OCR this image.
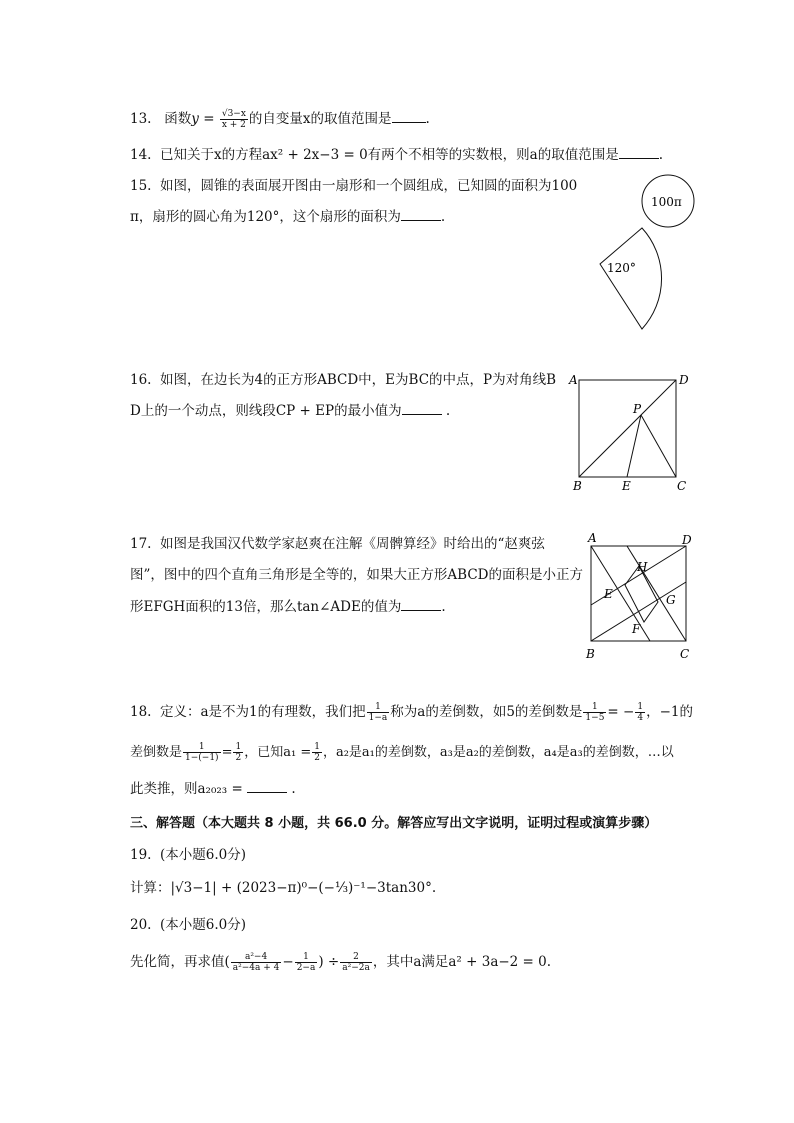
13. 函数$y = \frac{√3-x}{x + 2}$ 的自变量x的取值范围是	.
14. 已知关于x的方程ax² + 2x−3 = 0有两个不相等的实数根，则a的取值范围是	.
15. 如图，圆锥的表面展开图由一扇形和一个圆组成，已知圆的面积为100
π，扇形的圆心角为120°，这个扇形的面积为	.
100π
120°
16. 如图，在边长为4的正方形ABCD中，E为BC的中点，P为对角线B
D上的一个动点，则线段CP + EP的最小值为	.
A	D
P
B	E	C
17. 如图是我国汉代数学家赵爽在注解《周髀算经》时给出的“赵爽弦
图”，图中的四个直角三角形是全等的，如果大正方形ABCD的面积是小正方
形EFGH面积的13倍，那么tan∠ADE的值为	.
A	D
H
E	G
F
B	C
18. 定义：a是不为1的有理数，我们把 $\frac{1}{1-a}$ 称为a的差倒数，如5的差倒数是 $\frac{1}{1-5}$ = − $\frac{1}{4}$ ，−1的
差倒数是 $\frac{1}{1-(-1)} = \frac{1}{2}$ ，已知$a_1 = \frac{1}{2}$ ，a₂是a₁的差倒数，a₃是a₂的差倒数，a₄是a₃的差倒数，…以
此类推，则a₂₀₂₃ =	.
三、解答题（本大题共 8 小题，共 66.0 分。解答应写出文字说明，证明过程或演算步骤）
19. (本小题6.0分)
计算：|√3−1| + (2023−π)⁰−(−⅓)⁻¹−3tan30°.
20. (本小题6.0分)
先化简，再求值( $\frac{\text{a²−4}}{\text{a²−4a + 4}} - \frac{1}{2-a}$ ) ÷ $\frac{2}{\text{a²−2a}}$ ，其中a满足a² + 3a−2 = 0.
